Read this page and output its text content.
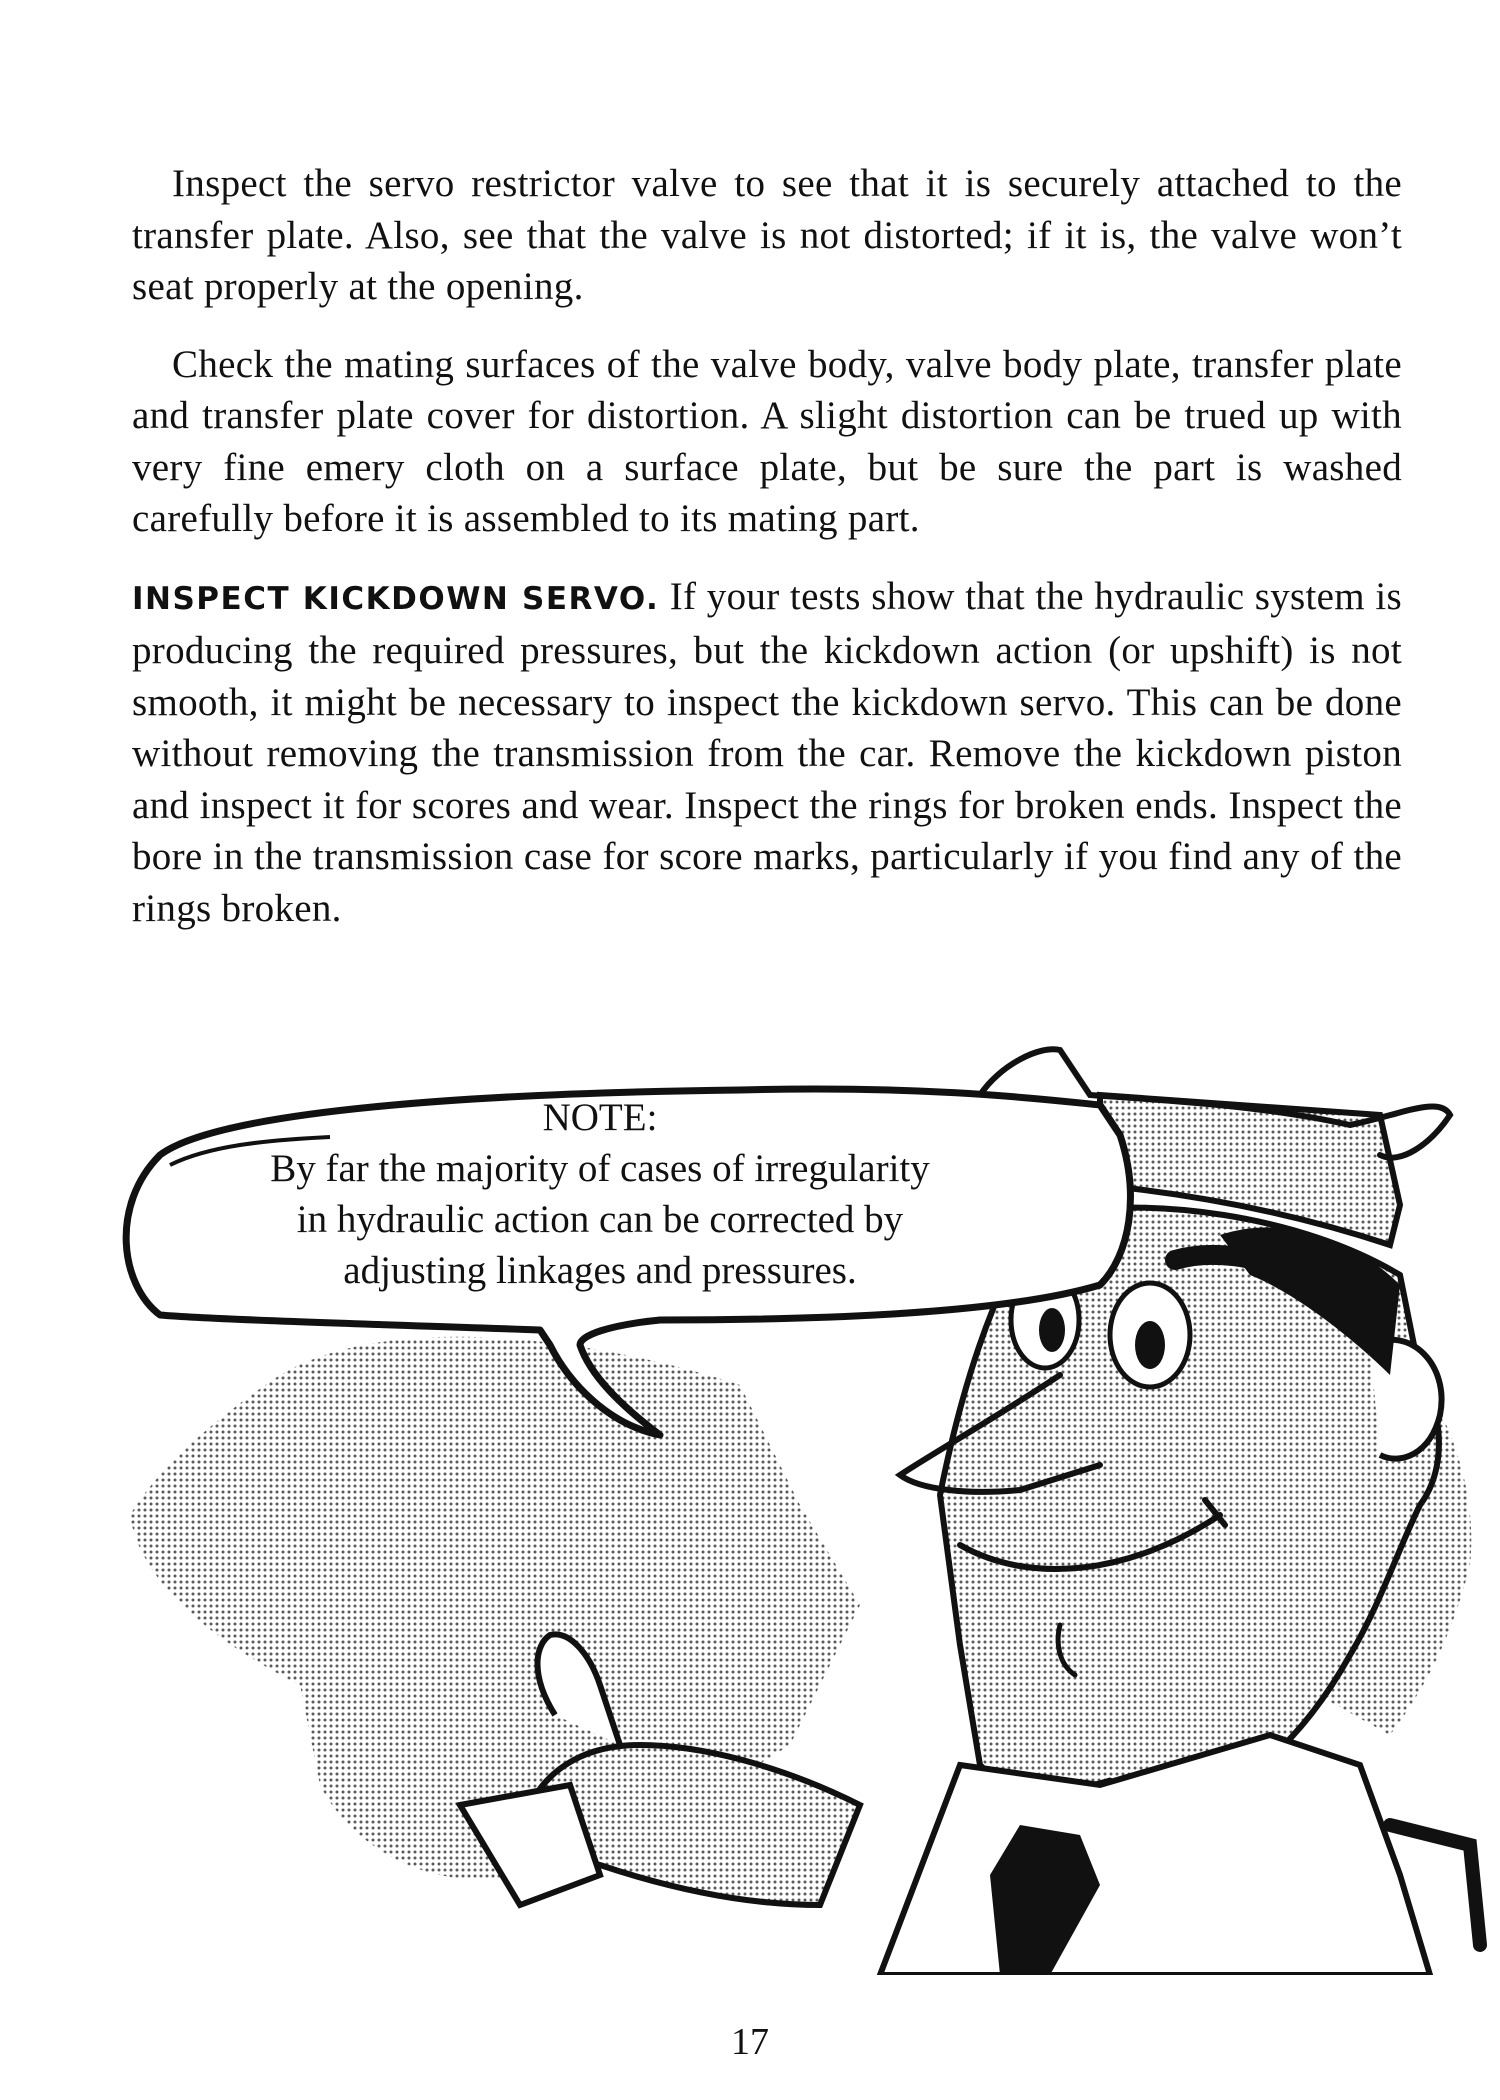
Inspect the servo restrictor valve to see that it is securely attached to the transfer plate. Also, see that the valve is not distorted; if it is, the valve won’t seat properly at the opening.

Check the mating surfaces of the valve body, valve body plate, transfer plate and transfer plate cover for distortion. A slight distortion can be trued up with very fine emery cloth on a surface plate, but be sure the part is washed carefully before it is assembled to its mating part.

INSPECT KICKDOWN SERVO. If your tests show that the hydraulic system is producing the required pressures, but the kickdown action (or upshift) is not smooth, it might be necessary to inspect the kickdown servo. This can be done without removing the transmission from the car. Remove the kickdown piston and inspect it for scores and wear. Inspect the rings for broken ends. Inspect the bore in the transmission case for score marks, particularly if you find any of the rings broken.

NOTE:
By far the majority of cases of irregularity
in hydraulic action can be corrected by
adjusting linkages and pressures.
17
